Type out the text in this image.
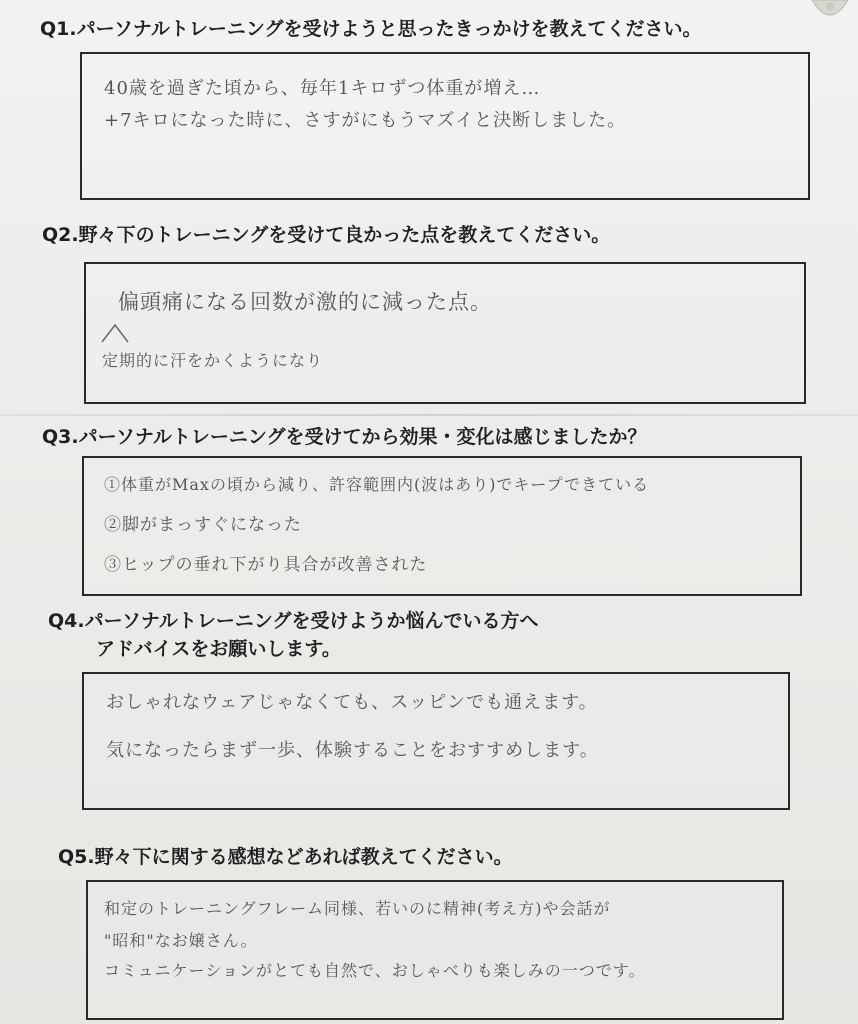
Q1.パーソナルトレーニングを受けようと思ったきっかけを教えてください。
40歳を過ぎた頃から、毎年1キロずつ体重が増え…
+7キロになった時に、さすがにもうマズイと決断しました。
Q2.野々下のトレーニングを受けて良かった点を教えてください。
偏頭痛になる回数が激的に減った点。
定期的に汗をかくようになり
Q3.パーソナルトレーニングを受けてから効果・変化は感じましたか？
①体重がMaxの頃から減り、許容範囲内(波はあり)でキープできている
②脚がまっすぐになった
③ヒップの垂れ下がり具合が改善された
Q4.パーソナルトレーニングを受けようか悩んでいる方へ
アドバイスをお願いします。
おしゃれなウェアじゃなくても、スッピンでも通えます。
気になったらまず一歩、体験することをおすすめします。
Q5.野々下に関する感想などあれば教えてください。
和定のトレーニングフレーム同様、若いのに精神(考え方)や会話が
"昭和"なお嬢さん。
コミュニケーションがとても自然で、おしゃべりも楽しみの一つです。
